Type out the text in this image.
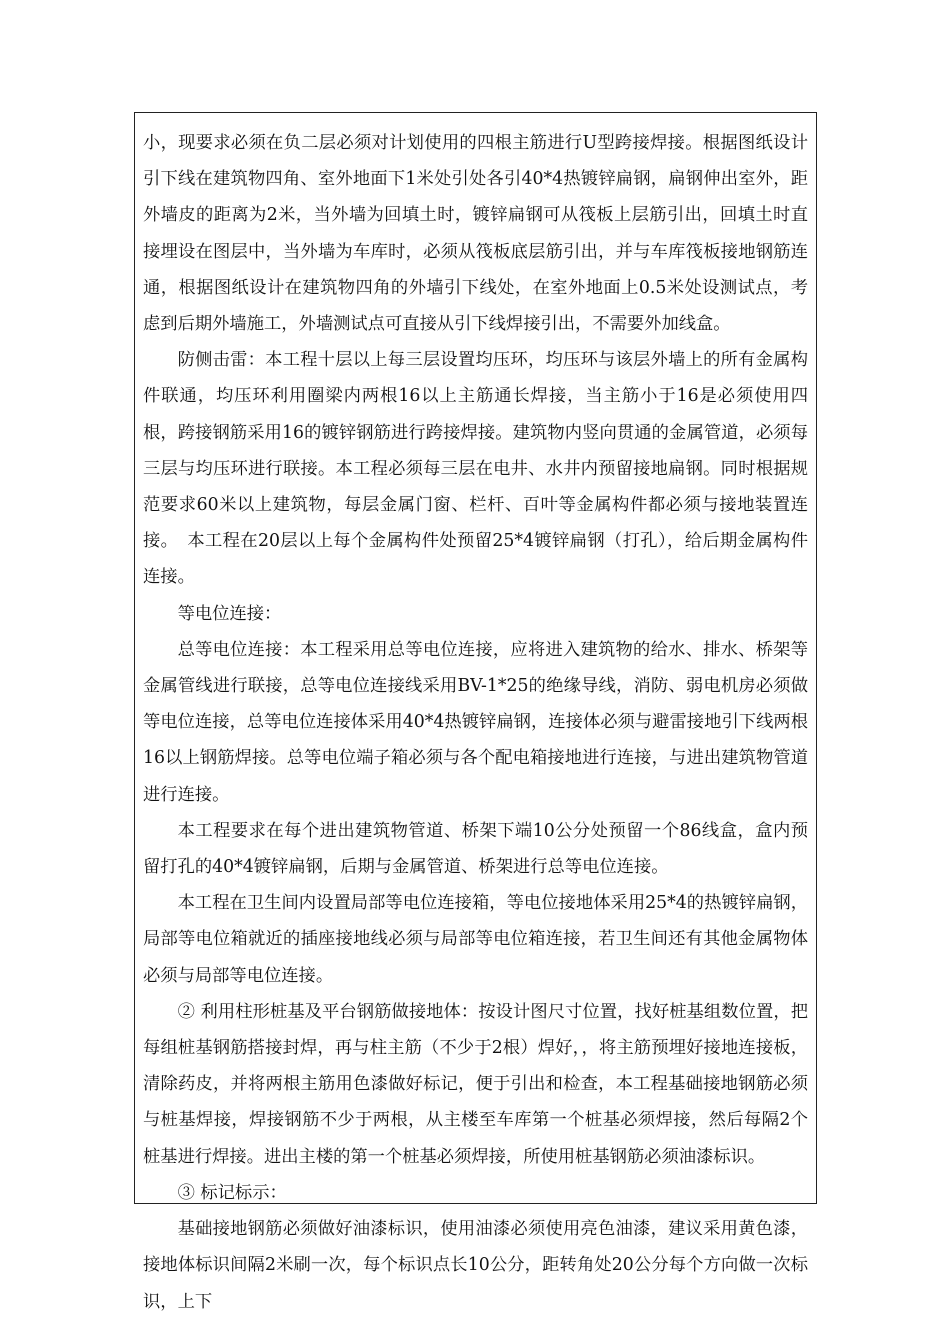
小，现要求必须在负二层必须对计划使用的四根主筋进行U型跨接焊接。根据图纸设计引下线在建筑物四角、室外地面下1米处引处各引40*4热镀锌扁钢，扁钢伸出室外，距外墙皮的距离为2米，当外墙为回填土时，镀锌扁钢可从筏板上层筋引出，回填土时直接埋设在图层中，当外墙为车库时，必须从筏板底层筋引出，并与车库筏板接地钢筋连通，根据图纸设计在建筑物四角的外墙引下线处，在室外地面上0.5米处设测试点，考虑到后期外墙施工，外墙测试点可直接从引下线焊接引出，不需要外加线盒。

防侧击雷：本工程十层以上每三层设置均压环，均压环与该层外墙上的所有金属构件联通，均压环利用圈梁内两根16以上主筋通长焊接，当主筋小于16是必须使用四根，跨接钢筋采用16的镀锌钢筋进行跨接焊接。建筑物内竖向贯通的金属管道，必须每三层与均压环进行联接。本工程必须每三层在电井、水井内预留接地扁钢。同时根据规范要求60米以上建筑物，每层金属门窗、栏杆、百叶等金属构件都必须与接地装置连接。　本工程在20层以上每个金属构件处预留25*4镀锌扁钢（打孔），给后期金属构件连接。

等电位连接：

总等电位连接：本工程采用总等电位连接，应将进入建筑物的给水、排水、桥架等金属管线进行联接，总等电位连接线采用BV-1*25的绝缘导线，消防、弱电机房必须做等电位连接，总等电位连接体采用40*4热镀锌扁钢，连接体必须与避雷接地引下线两根16以上钢筋焊接。总等电位端子箱必须与各个配电箱接地进行连接，与进出建筑物管道进行连接。

本工程要求在每个进出建筑物管道、桥架下端10公分处预留一个86线盒，盒内预留打孔的40*4镀锌扁钢，后期与金属管道、桥架进行总等电位连接。

本工程在卫生间内设置局部等电位连接箱，等电位接地体采用25*4的热镀锌扁钢，局部等电位箱就近的插座接地线必须与局部等电位箱连接，若卫生间还有其他金属物体必须与局部等电位连接。

② 利用柱形桩基及平台钢筋做接地体：按设计图尺寸位置，找好桩基组数位置，把每组桩基钢筋搭接封焊，再与柱主筋（不少于2根）焊好，，将主筋预埋好接地连接板，清除药皮，并将两根主筋用色漆做好标记，便于引出和检查，本工程基础接地钢筋必须与桩基焊接，焊接钢筋不少于两根，从主楼至车库第一个桩基必须焊接，然后每隔2个桩基进行焊接。进出主楼的第一个桩基必须焊接，所使用桩基钢筋必须油漆标识。

③ 标记标示：

基础接地钢筋必须做好油漆标识，使用油漆必须使用亮色油漆，建议采用黄色漆，接地体标识间隔2米刷一次，每个标识点长10公分，距转角处20公分每个方向做一次标识，上下
